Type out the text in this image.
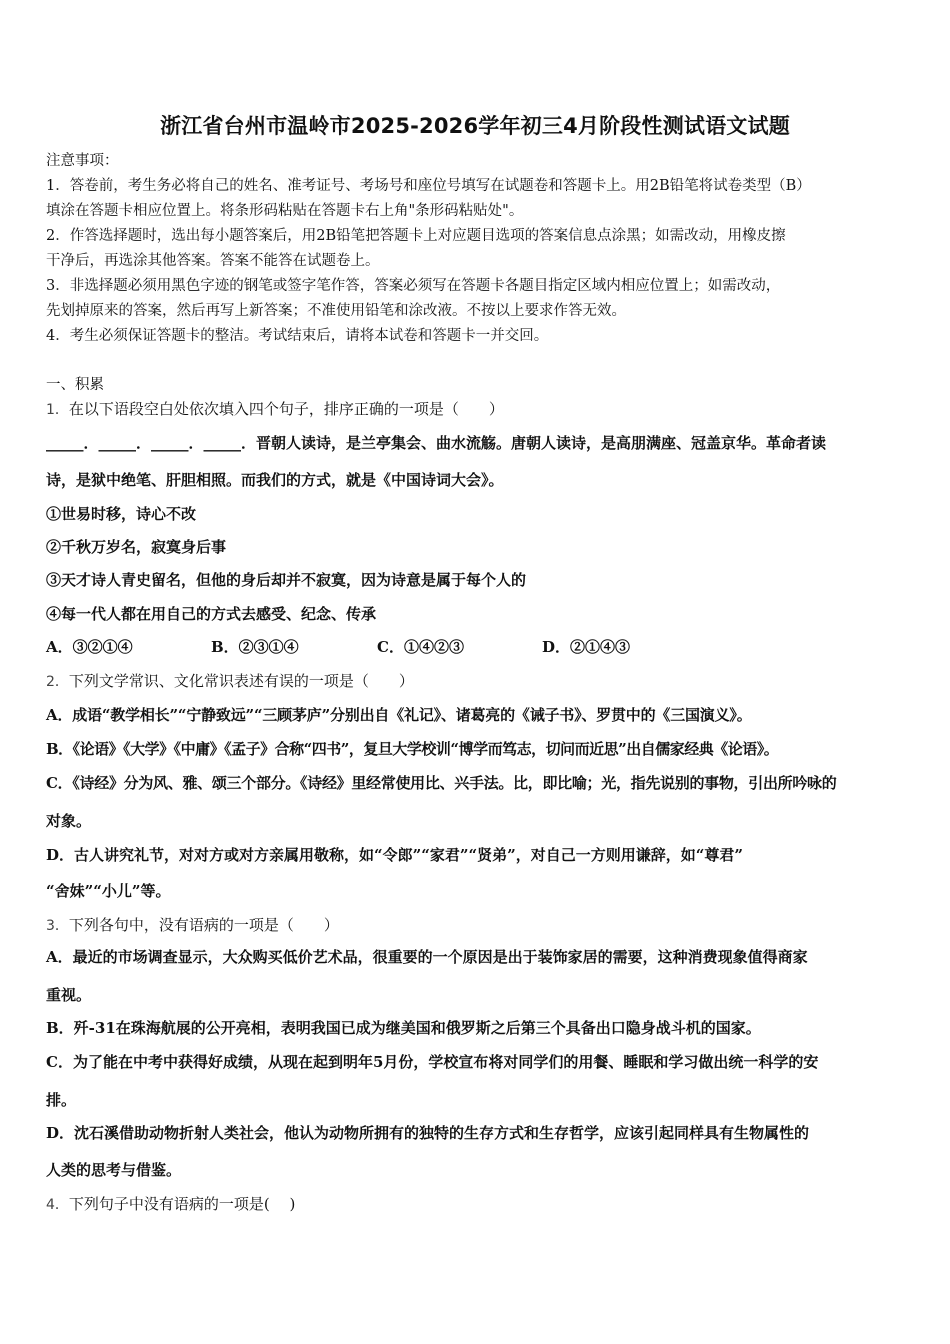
浙江省台州市温岭市2025-2026学年初三4月阶段性测试语文试题
注意事项：
1．答卷前，考生务必将自己的姓名、准考证号、考场号和座位号填写在试题卷和答题卡上。用2B铅笔将试卷类型（B）
填涂在答题卡相应位置上。将条形码粘贴在答题卡右上角"条形码粘贴处"。
2．作答选择题时，选出每小题答案后，用2B铅笔把答题卡上对应题目选项的答案信息点涂黑；如需改动，用橡皮擦
干净后，再选涂其他答案。答案不能答在试题卷上。
3．非选择题必须用黑色字迹的钢笔或签字笔作答，答案必须写在答题卡各题目指定区域内相应位置上；如需改动，
先划掉原来的答案，然后再写上新答案；不准使用铅笔和涂改液。不按以上要求作答无效。
4．考生必须保证答题卡的整洁。考试结束后，请将本试卷和答题卡一并交回。
一、积累
1．在以下语段空白处依次填入四个句子，排序正确的一项是（　　）
_____．_____．_____．_____．晋朝人读诗，是兰亭集会、曲水流觞。唐朝人读诗，是高朋满座、冠盖京华。革命者读
诗，是狱中绝笔、肝胆相照。而我们的方式，就是《中国诗词大会》。
①世易时移，诗心不改
②千秋万岁名，寂寞身后事
③天才诗人青史留名，但他的身后却并不寂寞，因为诗意是属于每个人的
④每一代人都在用自己的方式去感受、纪念、传承
A．③②①④	B．②③①④	C．①④②③	D．②①④③
2．下列文学常识、文化常识表述有误的一项是（　　）
A．成语“教学相长”“宁静致远”“三顾茅庐”分别出自《礼记》、诸葛亮的《诫子书》、罗贯中的《三国演义》。
B．《论语》《大学》《中庸》《孟子》合称“四书”，复旦大学校训“博学而笃志，切问而近思”出自儒家经典《论语》。
C．《诗经》分为风、雅、颂三个部分。《诗经》里经常使用比、兴手法。比，即比喻；光，指先说别的事物，引出所吟咏的
对象。
D．古人讲究礼节，对对方或对方亲属用敬称，如“令郎”“家君”“贤弟”，对自己一方则用谦辞，如“尊君”
“舍妹”“小儿”等。
3．下列各句中，没有语病的一项是（　　）
A．最近的市场调查显示，大众购买低价艺术品，很重要的一个原因是出于装饰家居的需要，这种消费现象值得商家
重视。
B．歼-31在珠海航展的公开亮相，表明我国已成为继美国和俄罗斯之后第三个具备出口隐身战斗机的国家。
C．为了能在中考中获得好成绩，从现在起到明年5月份，学校宣布将对同学们的用餐、睡眠和学习做出统一科学的安
排。
D．沈石溪借助动物折射人类社会，他认为动物所拥有的独特的生存方式和生存哲学，应该引起同样具有生物属性的
人类的思考与借鉴。
4．下列句子中没有语病的一项是(　 )
